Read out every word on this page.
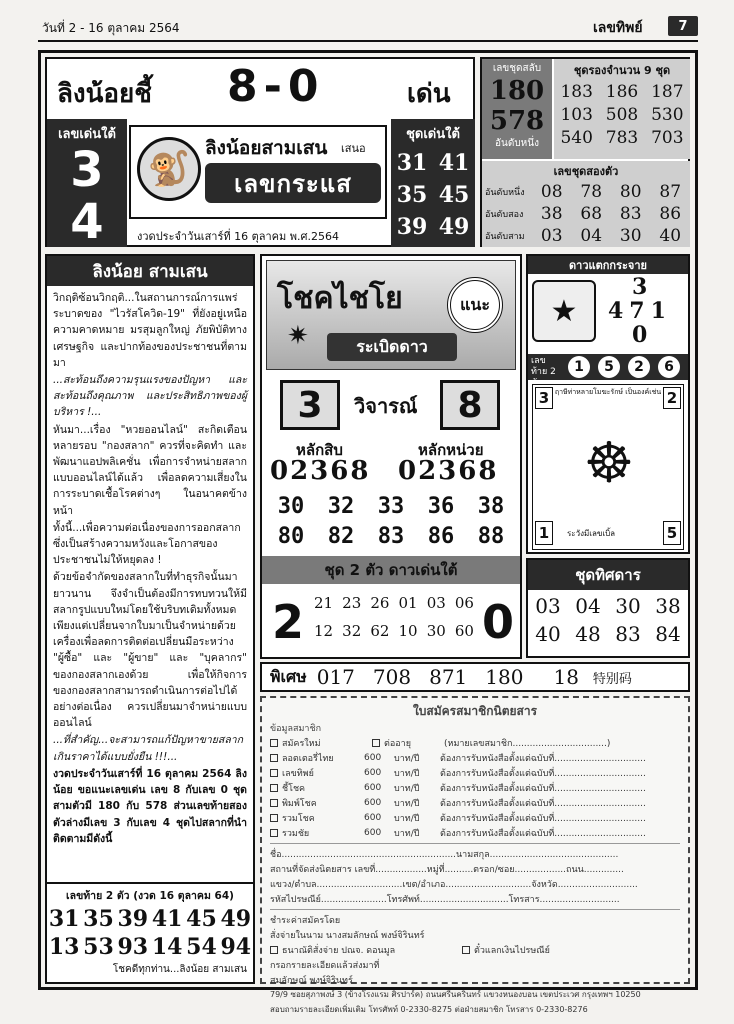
วันที่ 2 - 16 ตุลาคม 2564	เลขทิพย์	7
ลิงน้อยชี้ 8-0	เด่น
เลขเด่นใต้
3
4
🐒
ลิงน้อยสามเสน เสนอ
เลขกระแส
งวดประจำวันเสาร์ที่ 16 ตุลาคม พ.ศ.2564
ชุดเด่นใต้
31 41
35 45
39 49
เลขชุดสลับ
180
578
อันดับหนึ่ง
ชุดรองจำนวน 9 ชุด
183 186 187
103 508 530
540 783 703
เลขชุดสองตัว
อันดับหนึ่ง 08 78 80 87
อันดับสอง	38 68 83 86
อันดับสาม 03 04 30 40
ลิงน้อย สามเสน

วิกฤติซ้อนวิกฤติ...ในสถานการณ์การแพร่ระบาดของ "ไวรัสโควิด-19" ที่ยังอยู่เหนือความคาดหมาย มรสุมลูกใหญ่ ภัยพิบัติทางเศรษฐกิจ และปากท้องของประชาชนที่ตามมา

...สะท้อนถึงความรุนแรงของปัญหา และสะท้อนถึงคุณภาพ และประสิทธิภาพของผู้บริหาร !...

หันมา...เรื่อง "หวยออนไลน์" สะกิดเตือนหลายรอบ "กองสลาก" ควรที่จะคิดทำ และพัฒนาแอปพลิเคชั่น เพื่อการจำหน่ายสลากแบบออนไลน์ได้แล้ว เพื่อลดความเสี่ยงในการระบาดเชื้อโรคต่างๆ ในอนาคตข้างหน้า

ทั้งนี้...เพื่อความต่อเนื่องของการออกสลาก ซึ่งเป็นสร้างความหวังและโอกาสของประชาชนไม่ให้หยุดลง !

ด้วยข้อจำกัดของสลากใบที่ทำธุรกิจนั้นมายาวนาน จึงจำเป็นต้องมีการทบทวนให้มีสลากรูปแบบใหม่โดยใช้บริบทเดิมทั้งหมด เพียงแต่เปลี่ยนจากใบมาเป็นจำหน่ายด้วยเครื่องเพื่อลดการติดต่อเปลี่ยนมือระหว่าง "ผู้ซื้อ" และ "ผู้ขาย" และ "บุคลากร" ของกองสลากเองด้วย เพื่อให้กิจการของกองสลากสามารถดำเนินการต่อไปได้อย่างต่อเนื่อง ควรเปลี่ยนมาจำหน่ายแบบออนไลน์

...ที่สำคัญ...จะสามารถแก้ปัญหาขายสลากเกินราคาได้แบบยั่งยืน !!!...

งวดประจำวันเสาร์ที่ 16 ตุลาคม 2564 ลิงน้อย ขอแนะเลขเด่น เลข 8 กับเลข 0 ชุดสามตัวมี 180 กับ 578 ส่วนเลขท้ายสองตัวล่างมีเลข 3 กับเลข 4 ชุดไปสลากที่นำติดตามมีดังนี้

เลขท้าย 2 ตัว (งวด 16 ตุลาคม 64)
31 35 39 41 45 49
13 53 93 14 54 94
โชคดีทุกท่าน...ลิงน้อย สามเสน
โชคไชโย	แนะ
ระเบิดดาว
✷
3	วิจารณ์	8
หลักสิบ	หลักหน่วย
02368 02368
30 32 33 36 38
80 82 83 86 88
ชุด 2 ตัว ดาวเด่นใต้
2 21 23 26 01 03 06
12 32 62 10 30 60 0
ดาวแตกกระจาย
★
3
471
0
เลขท้าย 2 ตัว
1	5	2	6
ฤาษีท่าหลายโมฆะรักษ์ เป็นองค์เช่น
3	2
☸
ระวังมีเลขเบิ้ล
1	5
ชุดทิศดาร
03 04 30 38
40 48 83 84
พิเศษ 017 708 871 180 18 特别码
ใบสมัครสมาชิกนิตยสาร
ข้อมูลสมาชิก
สมัครใหม่	ต่ออายุ	(หมายเลขสมาชิก.................................)
ลอตเตอรี่ไทย	600	บาท/ปี	ต้องการรับหนังสือตั้งแต่ฉบับที่................................
เลขทิพย์	600	บาท/ปี	ต้องการรับหนังสือตั้งแต่ฉบับที่................................
ชี้โชค	600	บาท/ปี	ต้องการรับหนังสือตั้งแต่ฉบับที่................................
พิมพ์โชค	600	บาท/ปี	ต้องการรับหนังสือตั้งแต่ฉบับที่................................
รวมโชค	600	บาท/ปี	ต้องการรับหนังสือตั้งแต่ฉบับที่................................
รวมชัย	600	บาท/ปี	ต้องการรับหนังสือตั้งแต่ฉบับที่................................
ชื่อ.............................................................นามสกุล.............................................
สถานที่จัดส่งนิตยสาร เลขที่..................หมู่ที่..........ตรอก/ซอย..................ถนน..............
แขวง/ตำบล..............................เขต/อำเภอ..............................จังหวัด............................
รหัสไปรษณีย์.......................โทรศัพท์...............................โทรสาร............................
ชำระค่าสมัครโดย
สั่งจ่ายในนาม นางสมลักษณ์ พงษ์จิรินทร์
ธนาณัติสั่งจ่าย ปณจ. ดอนมูล	ตั๋วแลกเงินไปรษณีย์
กรอกรายละเอียดแล้วส่งมาที่
สมลักษณ์ พงษ์จิรินทร์
79/9 ซอยสุภาพงษ์ 3 (ข้างโรงแรม ศิรปาร์ค) ถนนศรีนครินทร์ แขวงหนองบอน เขตประเวศ กรุงเทพฯ 10250
สอบถามรายละเอียดเพิ่มเติม โทรศัพท์ 0-2330-8275 ต่อฝ่ายสมาชิก โทรสาร 0-2330-8276
